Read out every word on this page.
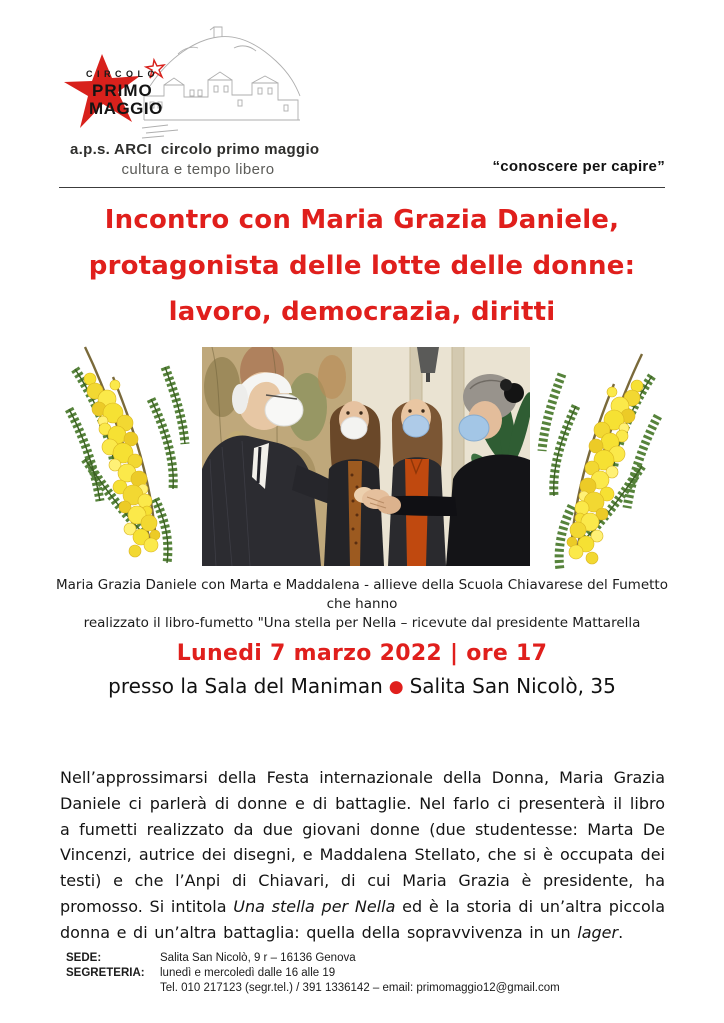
CIRCOLO
PRIMO
MAGGIO
a.p.s. ARCI  circolo primo maggio
cultura e tempo libero	“conoscere per capire”
Incontro con Maria Grazia Daniele,
protagonista delle lotte delle donne:
lavoro, democrazia, diritti
Maria Grazia Daniele con Marta e Maddalena - allieve della Scuola Chiavarese del Fumetto che hanno
realizzato il libro-fumetto "Una stella per Nella – ricevute dal presidente Mattarella
Lunedi 7 marzo 2022 | ore 17
presso la Sala del Maniman ● Salita San Nicolò, 35

Nell’approssimarsi della Festa internazionale della Donna, Maria Grazia Daniele ci parlerà di donne e di battaglie. Nel farlo ci presenterà il libro a fumetti realizzato da due giovani donne (due studentesse: Marta De Vincenzi, autrice dei disegni, e Maddalena Stellato, che si è occupata dei testi) e che l’Anpi di Chiavari, di cui Maria Grazia è presidente, ha promosso. Si intitola Una stella per Nella ed è la storia di un’altra piccola donna e di un’altra battaglia: quella della sopravvivenza in un lager.

SEDE:	Salita San Nicolò, 9 r – 16136 Genova
SEGRETERIA:	lunedì e mercoledì dalle 16 alle 19
Tel. 010 217123 (segr.tel.) / 391 1336142 – email: primomaggio12@gmail.com
